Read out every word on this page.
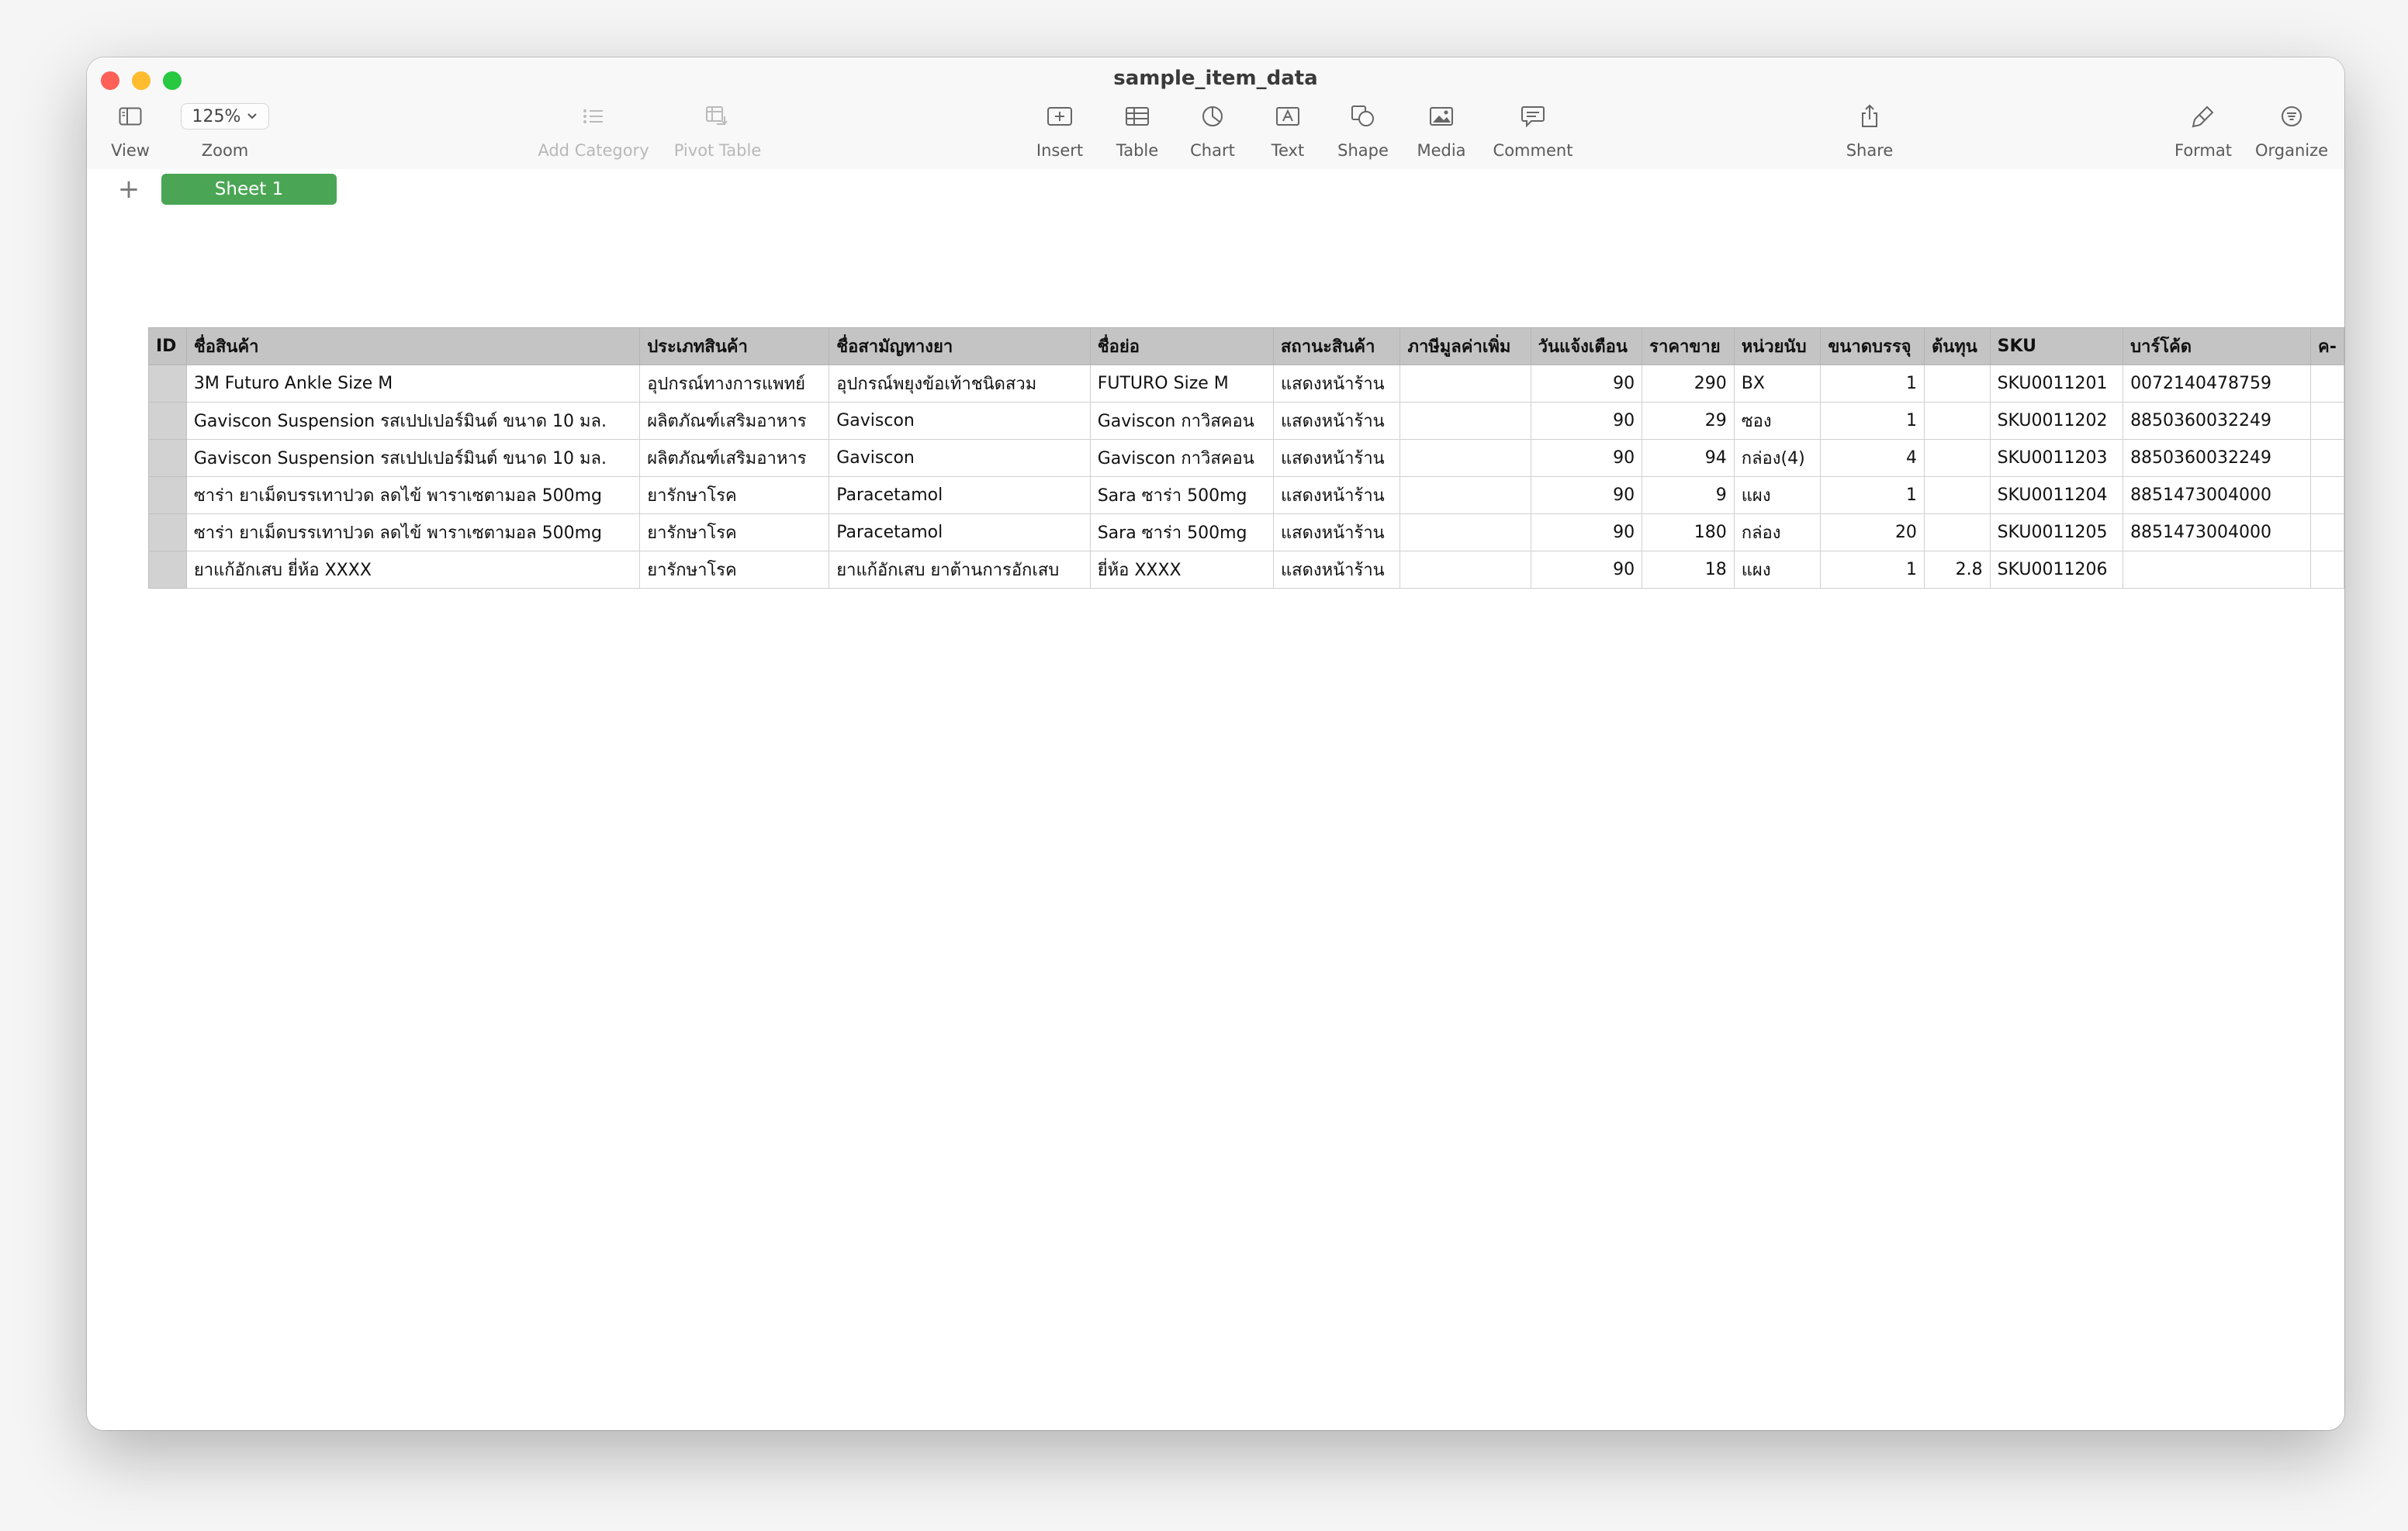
sample_item_data
View
125%
Zoom	Add Category	Pivot Table	Insert	Table	Chart	Text	Shape	Media	Comment	Share	Format	Organize
+	Sheet 1
ID	ชื่อสินค้า	ประเภทสินค้า	ชื่อสามัญทางยา	ชื่อย่อ	สถานะสินค้า	ภาษีมูลค่าเพิ่ม	วันแจ้งเตือน	ราคาขาย	หน่วยนับ	ขนาดบรรจุ	ต้นทุน	SKU	บาร์โค้ด	ค-
	3M Futuro Ankle Size M	อุปกรณ์ทางการแพทย์	อุปกรณ์พยุงข้อเท้าชนิดสวม	FUTURO Size M	แสดงหน้าร้าน		90	290	BX	1		SKU0011201	0072140478759	
	Gaviscon Suspension รสเปปเปอร์มินต์ ขนาด 10 มล.	ผลิตภัณฑ์เสริมอาหาร	Gaviscon	Gaviscon กาวิสคอน	แสดงหน้าร้าน		90	29	ซอง	1		SKU0011202	8850360032249	
	Gaviscon Suspension รสเปปเปอร์มินต์ ขนาด 10 มล.	ผลิตภัณฑ์เสริมอาหาร	Gaviscon	Gaviscon กาวิสคอน	แสดงหน้าร้าน		90	94	กล่อง(4)	4		SKU0011203	8850360032249	
	ซาร่า ยาเม็ดบรรเทาปวด ลดไข้ พาราเซตามอล 500mg	ยารักษาโรค	Paracetamol	Sara ซาร่า 500mg	แสดงหน้าร้าน		90	9	แผง	1		SKU0011204	8851473004000	
	ซาร่า ยาเม็ดบรรเทาปวด ลดไข้ พาราเซตามอล 500mg	ยารักษาโรค	Paracetamol	Sara ซาร่า 500mg	แสดงหน้าร้าน		90	180	กล่อง	20		SKU0011205	8851473004000	
	ยาแก้อักเสบ ยี่ห้อ XXXX	ยารักษาโรค	ยาแก้อักเสบ ยาต้านการอักเสบ	ยี่ห้อ XXXX	แสดงหน้าร้าน		90	18	แผง	1	2.8	SKU0011206		
